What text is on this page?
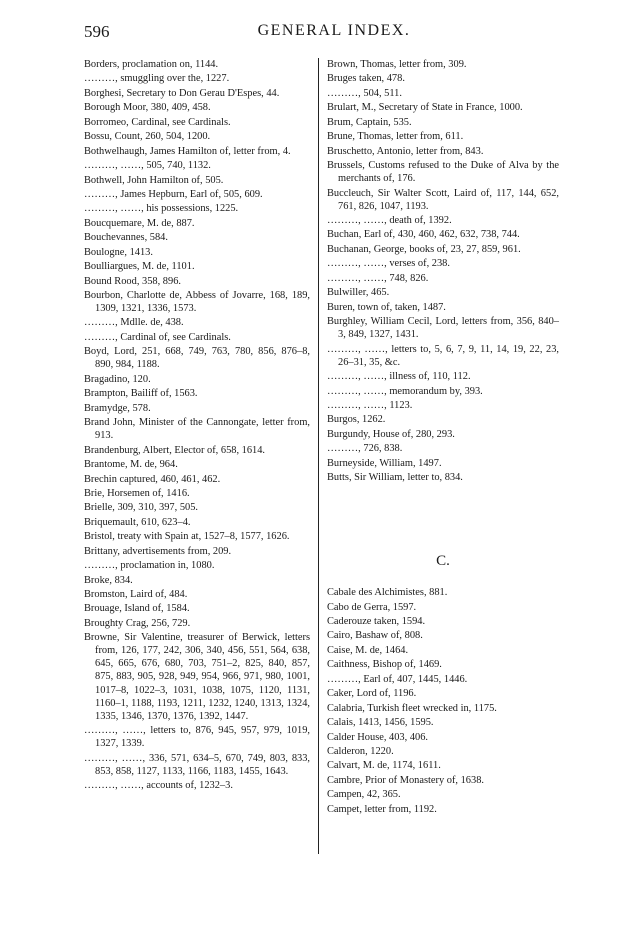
596	GENERAL INDEX.
Borders, proclamation on, 1144.
………, smuggling over the, 1227.
Borghesi, Secretary to Don Gerau D'Espes, 44.
Borough Moor, 380, 409, 458.
Borromeo, Cardinal, see Cardinals.
Bossu, Count, 260, 504, 1200.
Bothwelhaugh, James Hamilton of, letter from, 4.
………, ……, 505, 740, 1132.
Bothwell, John Hamilton of, 505.
………, James Hepburn, Earl of, 505, 609.
………, ……, his possessions, 1225.
Boucquemare, M. de, 887.
Bouchevannes, 584.
Boulogne, 1413.
Boulliargues, M. de, 1101.
Bound Rood, 358, 896.
Bourbon, Charlotte de, Abbess of Jovarre, 168, 189, 1309, 1321, 1336, 1573.
………, Mdlle. de, 438.
………, Cardinal of, see Cardinals.
Boyd, Lord, 251, 668, 749, 763, 780, 856, 876–8, 890, 984, 1188.
Bragadino, 120.
Brampton, Bailiff of, 1563.
Bramydge, 578.
Brand John, Minister of the Cannongate, letter from, 913.
Brandenburg, Albert, Elector of, 658, 1614.
Brantome, M. de, 964.
Brechin captured, 460, 461, 462.
Brie, Horsemen of, 1416.
Brielle, 309, 310, 397, 505.
Briquemault, 610, 623–4.
Bristol, treaty with Spain at, 1527–8, 1577, 1626.
Brittany, advertisements from, 209.
………, proclamation in, 1080.
Broke, 834.
Bromston, Laird of, 484.
Brouage, Island of, 1584.
Broughty Crag, 256, 729.
Browne, Sir Valentine, treasurer of Berwick, letters from, 126, 177, 242, 306, 340, 456, 551, 564, 638, 645, 665, 676, 680, 703, 751–2, 825, 840, 857, 875, 883, 905, 928, 949, 954, 966, 971, 980, 1001, 1017–8, 1022–3, 1031, 1038, 1075, 1120, 1131, 1160–1, 1188, 1193, 1211, 1232, 1240, 1313, 1324, 1335, 1346, 1370, 1376, 1392, 1447.
………, ……, letters to, 876, 945, 957, 979, 1019, 1327, 1339.
………, ……, 336, 571, 634–5, 670, 749, 803, 833, 853, 858, 1127, 1133, 1166, 1183, 1455, 1643.
………, ……, accounts of, 1232–3.
Brown, Thomas, letter from, 309.
Bruges taken, 478.
………, 504, 511.
Brulart, M., Secretary of State in France, 1000.
Brum, Captain, 535.
Brune, Thomas, letter from, 611.
Bruschetto, Antonio, letter from, 843.
Brussels, Customs refused to the Duke of Alva by the merchants of, 176.
Buccleuch, Sir Walter Scott, Laird of, 117, 144, 652, 761, 826, 1047, 1193.
………, ……, death of, 1392.
Buchan, Earl of, 430, 460, 462, 632, 738, 744.
Buchanan, George, books of, 23, 27, 859, 961.
………, ……, verses of, 238.
………, ……, 748, 826.
Bulwiller, 465.
Buren, town of, taken, 1487.
Burghley, William Cecil, Lord, letters from, 356, 840–3, 849, 1327, 1431.
………, ……, letters to, 5, 6, 7, 9, 11, 14, 19, 22, 23, 26–31, 35, &c.
………, ……, illness of, 110, 112.
………, ……, memorandum by, 393.
………, ……, 1123.
Burgos, 1262.
Burgundy, House of, 280, 293.
………, 726, 838.
Burneyside, William, 1497.
Butts, Sir William, letter to, 834.
C.
Cabale des Alchimistes, 881.
Cabo de Gerra, 1597.
Caderouze taken, 1594.
Cairo, Bashaw of, 808.
Caise, M. de, 1464.
Caithness, Bishop of, 1469.
………, Earl of, 407, 1445, 1446.
Caker, Lord of, 1196.
Calabria, Turkish fleet wrecked in, 1175.
Calais, 1413, 1456, 1595.
Calder House, 403, 406.
Calderon, 1220.
Calvart, M. de, 1174, 1611.
Cambre, Prior of Monastery of, 1638.
Campen, 42, 365.
Campet, letter from, 1192.
